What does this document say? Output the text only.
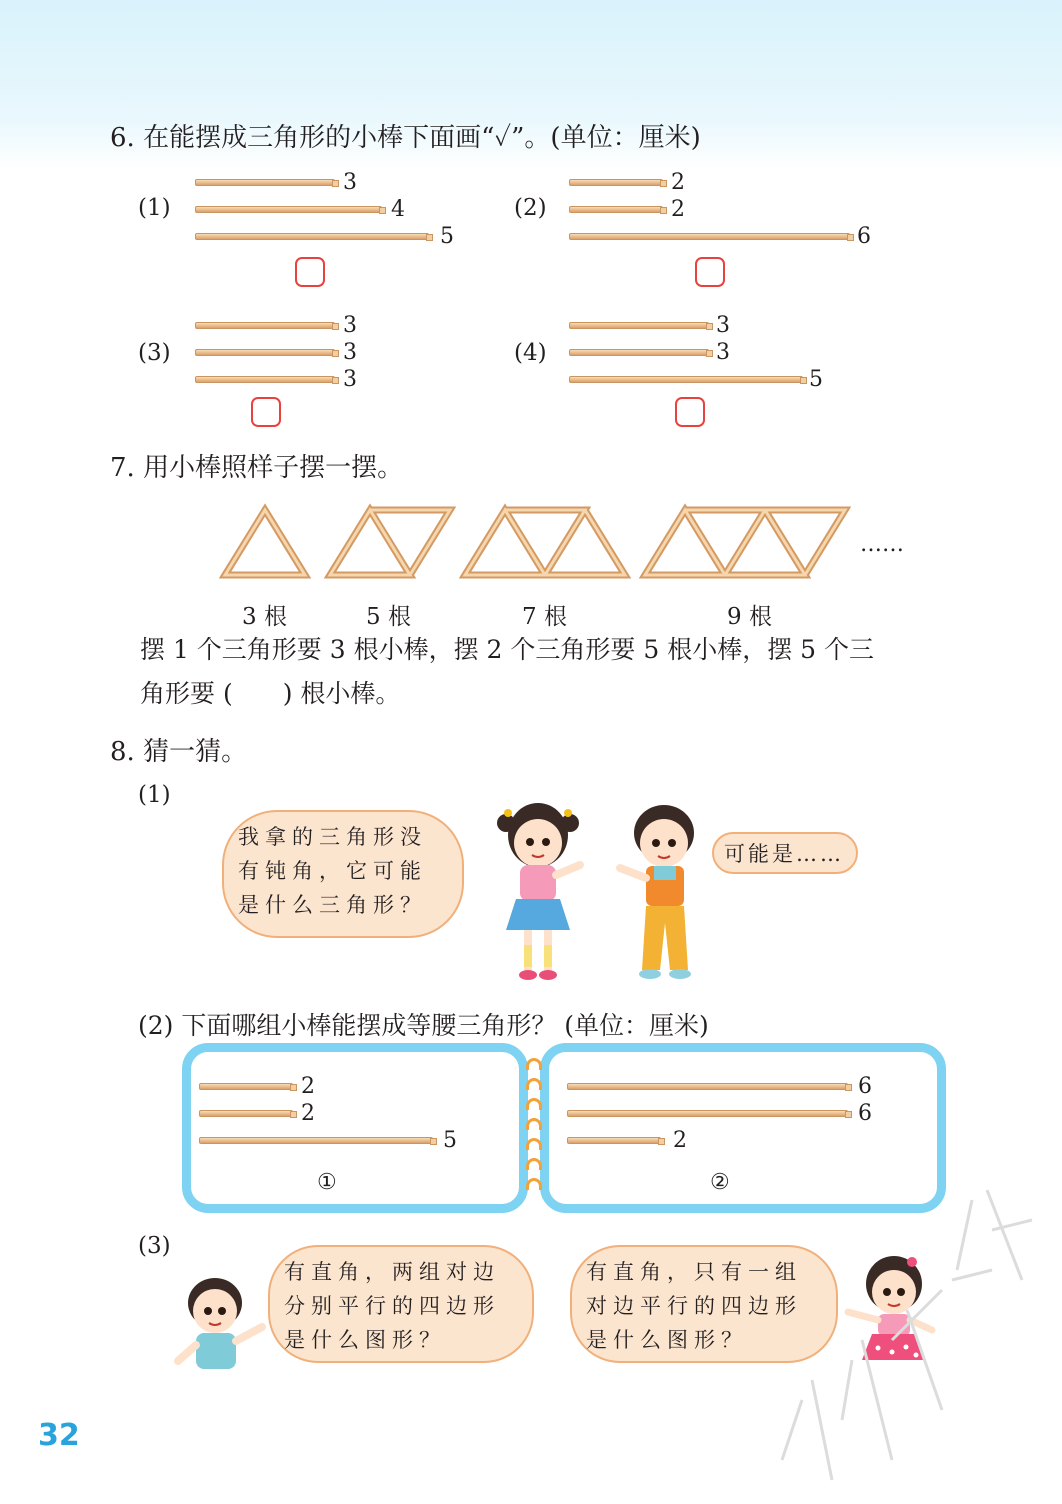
6. 在能摆成三角形的小棒下面画“✓”。(单位：厘米)
(1)
3
4
5
(2)
2
2
6
(3)
3
3
3
(4)
3
3
5
7. 用小棒照样子摆一摆。
……
3 根	5 根	7 根	9 根
摆 1 个三角形要 3 根小棒，摆 2 个三角形要 5 根小棒，摆 5 个三
角形要 (　　) 根小棒。
8. 猜一猜。
(1)
我拿的三角形没有钝角，它可能是什么三角形？
可能是……
(2) 下面哪组小棒能摆成等腰三角形？ (单位：厘米)
2
2
5
①
6
6
2
②
(3)
有直角，两组对边分别平行的四边形是什么图形？
有直角，只有一组对边平行的四边形是什么图形？
32
